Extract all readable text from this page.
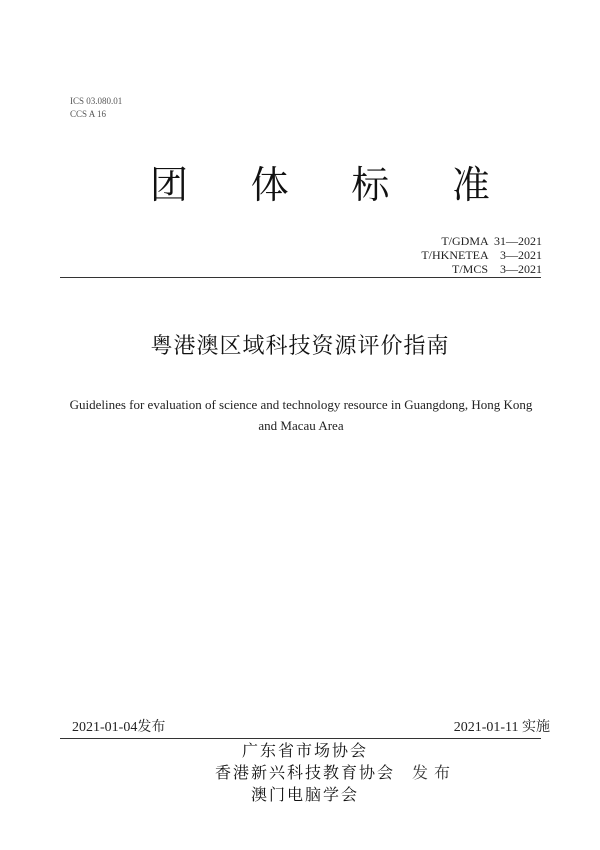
ICS 03.080.01
CCS A 16
团 体 标 准
T/GDMA  31—2021
T/HKNETEA    3—2021
T/MCS    3—2021
粤港澳区域科技资源评价指南
Guidelines for evaluation of science and technology resource in Guangdong, Hong Kong and Macau Area
2021-01-04发布	2021-01-11 实施
广东省市场协会
香港新兴科技教育协会
澳门电脑学会
发布
